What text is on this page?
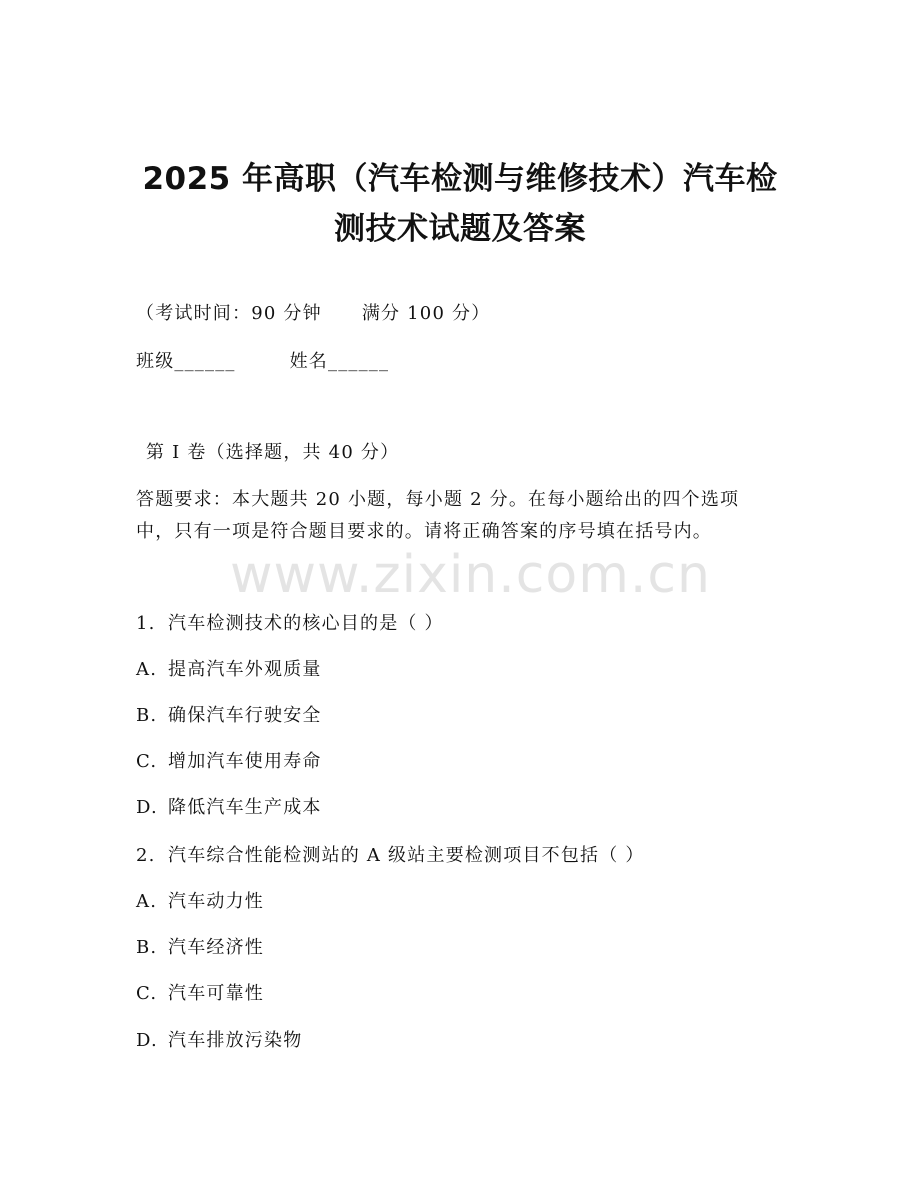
2025 年高职（汽车检测与维修技术）汽车检
测技术试题及答案
（考试时间：90 分钟 满分 100 分）
班级______	姓名______
第 I 卷（选择题，共 40 分）
答题要求：本大题共 20 小题，每小题 2 分。在每小题给出的四个选项
中，只有一项是符合题目要求的。请将正确答案的序号填在括号内。
www.zixin.com.cn
1. 汽车检测技术的核心目的是（ ）
A. 提高汽车外观质量
B. 确保汽车行驶安全
C. 增加汽车使用寿命
D. 降低汽车生产成本
2. 汽车综合性能检测站的 A 级站主要检测项目不包括（ ）
A. 汽车动力性
B. 汽车经济性
C. 汽车可靠性
D. 汽车排放污染物
